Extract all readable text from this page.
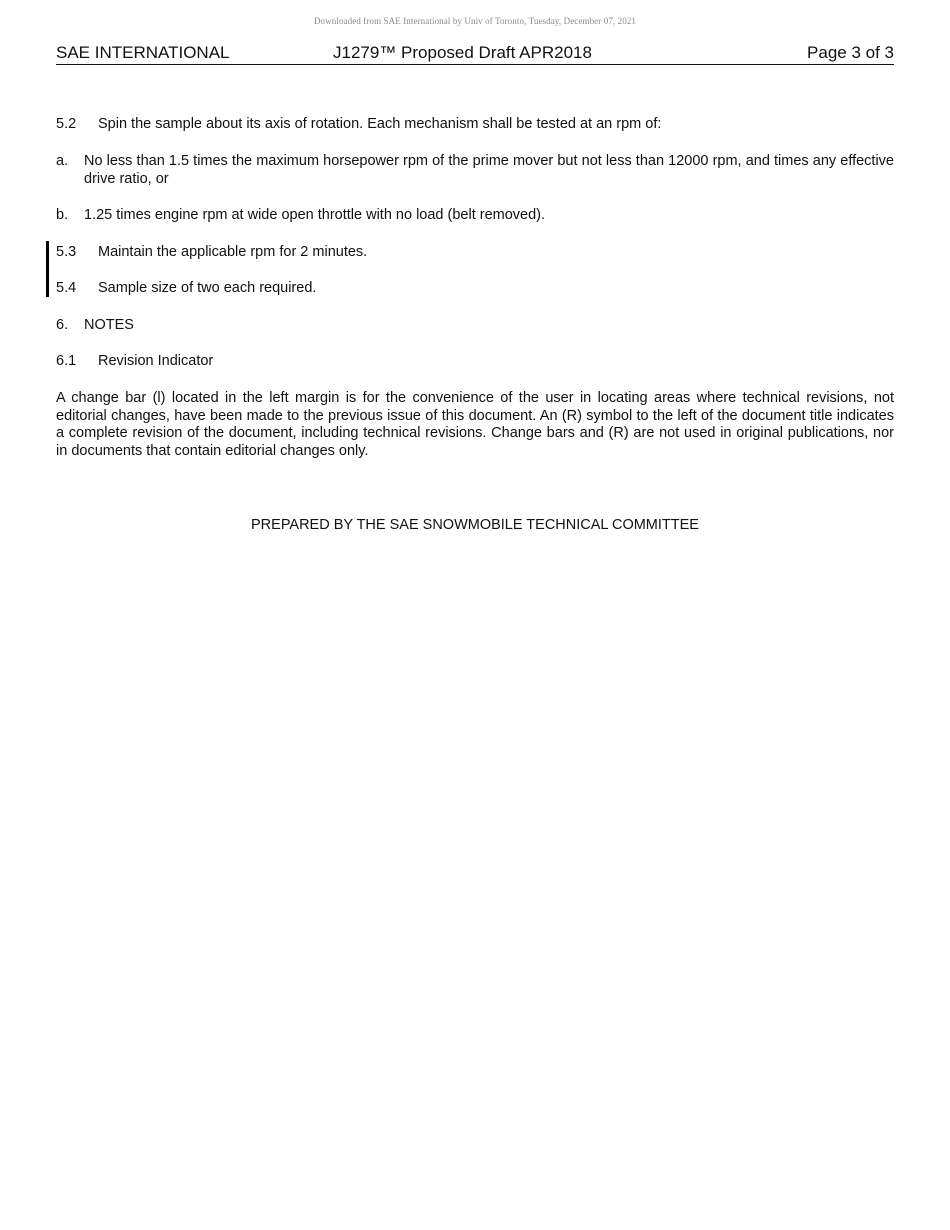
Downloaded from SAE International by Univ of Toronto, Tuesday, December 07, 2021
SAE INTERNATIONAL	J1279™ Proposed Draft APR2018	Page 3 of 3
5.2 Spin the sample about its axis of rotation. Each mechanism shall be tested at an rpm of:
a. No less than 1.5 times the maximum horsepower rpm of the prime mover but not less than 12000 rpm, and times any effective drive ratio, or
b. 1.25 times engine rpm at wide open throttle with no load (belt removed).
5.3 Maintain the applicable rpm for 2 minutes.
5.4 Sample size of two each required.
6. NOTES
6.1 Revision Indicator
A change bar (l) located in the left margin is for the convenience of the user in locating areas where technical revisions, not editorial changes, have been made to the previous issue of this document. An (R) symbol to the left of the document title indicates a complete revision of the document, including technical revisions. Change bars and (R) are not used in original publications, nor in documents that contain editorial changes only.
PREPARED BY THE SAE SNOWMOBILE TECHNICAL COMMITTEE
